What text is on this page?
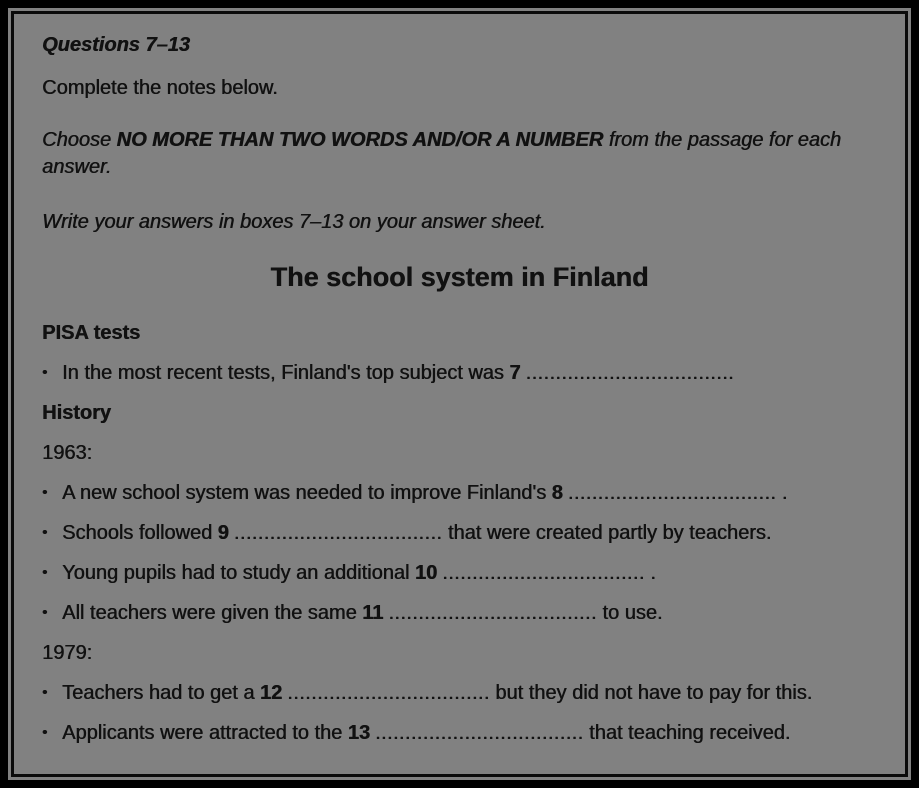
Questions 7–13

Complete the notes below.

Choose NO MORE THAN TWO WORDS AND/OR A NUMBER from the passage for each answer.

Write your answers in boxes 7–13 on your answer sheet.

The school system in Finland

PISA tests

• In the most recent tests, Finland's top subject was 7 ...................................

History

1963:

• A new school system was needed to improve Finland's 8 ................................... .
• Schools followed 9 ................................... that were created partly by teachers.
• Young pupils had to study an additional 10 .................................. .
• All teachers were given the same 11 ................................... to use.

1979:

• Teachers had to get a 12 .................................. but they did not have to pay for this.
• Applicants were attracted to the 13 ................................... that teaching received.
